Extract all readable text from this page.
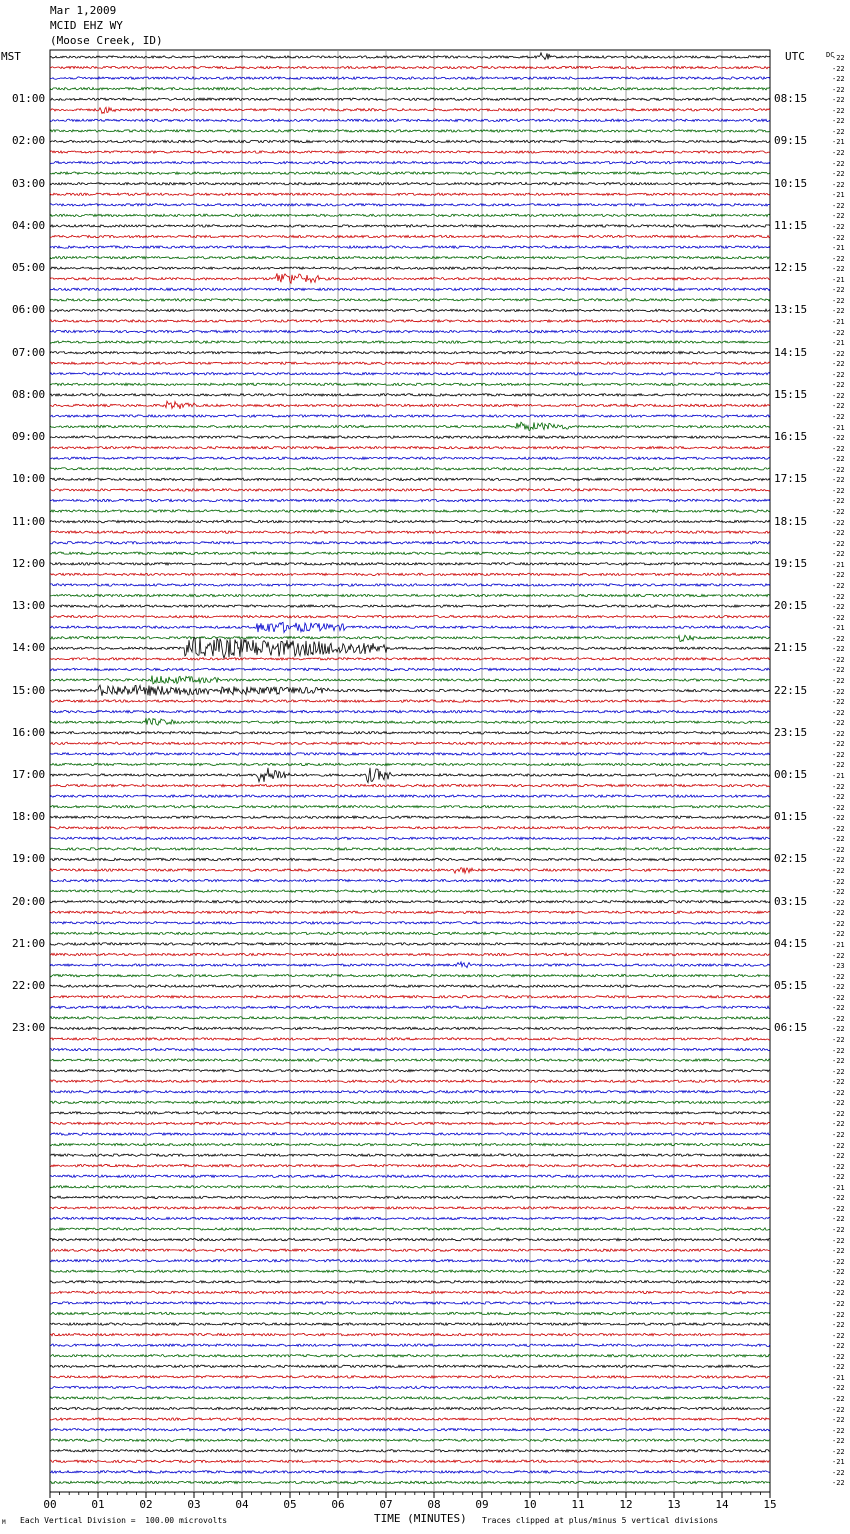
Mar 1,2009
MCID EHZ WY
(Moose Creek, ID)
MST	UTC	DC
00	01	02	03	04	05	06	07	08	09	10	11	12	13	14	15
01:00
02:00
03:00
04:00
05:00
06:00
07:00
08:00
09:00
10:00
11:00
12:00
13:00
14:00
15:00
16:00
17:00
18:00
19:00
20:00
21:00
22:00
23:00
08:15
09:15
10:15
11:15
12:15
13:15
14:15
15:15
16:15
17:15
18:15
19:15
20:15
21:15
22:15
23:15
00:15
01:15
02:15
03:15
04:15
05:15
06:15
-22
-22
-22
-22
-22
-22
-22
-22
-21
-22
-22
-22
-22
-21
-22
-22
-22
-22
-21
-22
-22
-21
-22
-22
-22
-21
-22
-21
-22
-22
-22
-22
-22
-22
-22
-21
-22
-22
-22
-22
-22
-22
-22
-22
-22
-22
-22
-22
-21
-22
-22
-22
-22
-22
-21
-22
-22
-22
-22
-22
-22
-22
-22
-22
-22
-22
-22
-22
-21
-22
-22
-22
-22
-22
-22
-22
-22
-22
-22
-22
-22
-22
-22
-22
-21
-22
-23
-22
-22
-22
-22
-22
-22
-22
-22
-22
-22
-22
-22
-22
-22
-22
-22
-22
-22
-22
-22
-21
-22
-22
-22
-22
-22
-22
-22
-22
-22
-22
-22
-22
-22
-22
-22
-22
-22
-21
-22
-22
-22
-22
-22
-22
-22
-21
-22
-22
M Each Vertical Division =  100.00 microvolts	TIME (MINUTES) Traces clipped at plus/minus 5 vertical divisions
